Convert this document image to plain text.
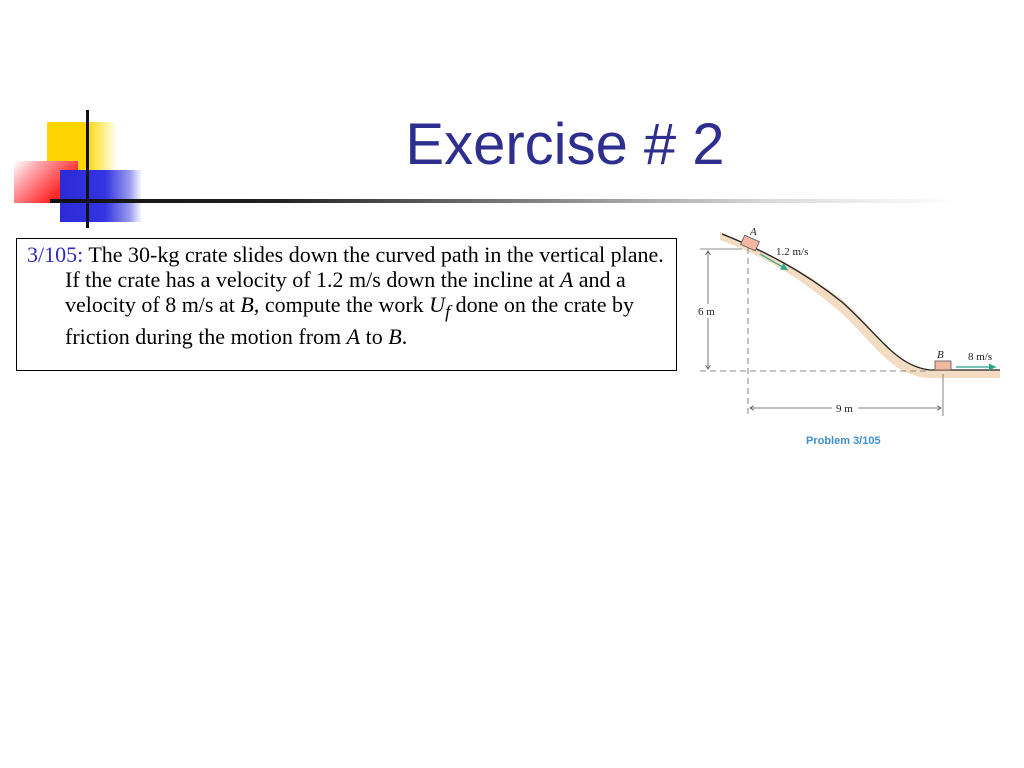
Exercise # 2

3/105: The 30-kg crate slides down the curved path in the vertical plane. If the crate has a velocity of 1.2 m/s down the incline at A and a velocity of 8 m/s at B, compute the work $U_f$ done on the crate by friction during the motion from A to B.

A
1.2 m/s
B 8 m/s
6 m
9 m
Problem 3/105
